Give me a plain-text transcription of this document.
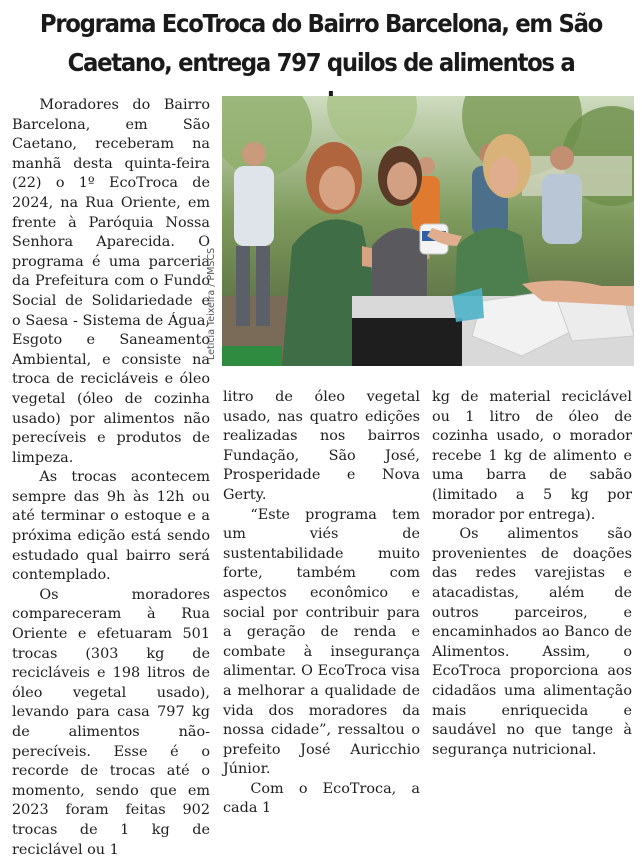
Programa EcoTroca do Bairro Barcelona, em São Caetano, entrega 797 quilos de alimentos a

Moradores do Bairro Barcelona, em São Caetano, receberam na manhã desta quinta-feira (22) o 1º EcoTroca de 2024, na Rua Oriente, em frente à Paróquia Nossa Senhora Aparecida. O programa é uma parceria da Prefeitura com o Fundo Social de Solidariedade e o Saesa - Sistema de Água, Esgoto e Saneamento Ambiental, e consiste na troca de recicláveis e óleo vegetal (óleo de cozinha usado) por alimentos não perecíveis e produtos de limpeza.

As trocas acontecem sempre das 9h às 12h ou até terminar o estoque e a próxima edição está sendo estudado qual bairro será contemplado.

Os moradores compareceram à Rua Oriente e efetuaram 501 trocas (303 kg de recicláveis e 198 litros de óleo vegetal usado), levando para casa 797 kg de alimentos não-perecíveis. Esse é o recorde de trocas até o momento, sendo que em 2023 foram feitas 902 trocas de 1 kg de reciclável ou 1

Letícia Teixeira / PMSCS

litro de óleo vegetal usado, nas quatro edições realizadas nos bairros Fundação, São José, Prosperidade e Nova Gerty.

“Este programa tem um viés de sustentabilidade muito forte, também com aspectos econômico e social por contribuir para a geração de renda e combate à insegurança alimentar. O EcoTroca visa a melhorar a qualidade de vida dos moradores da nossa cidade”, ressaltou o prefeito José Auricchio Júnior.

Com o EcoTroca, a cada 1

kg de material reciclável ou 1 litro de óleo de cozinha usado, o morador recebe 1 kg de alimento e uma barra de sabão (limitado a 5 kg por morador por entrega).

Os alimentos são provenientes de doações das redes varejistas e atacadistas, além de outros parceiros, e encaminhados ao Banco de Alimentos. Assim, o EcoTroca proporciona aos cidadãos uma alimentação mais enriquecida e saudável no que tange à segurança nutricional.
